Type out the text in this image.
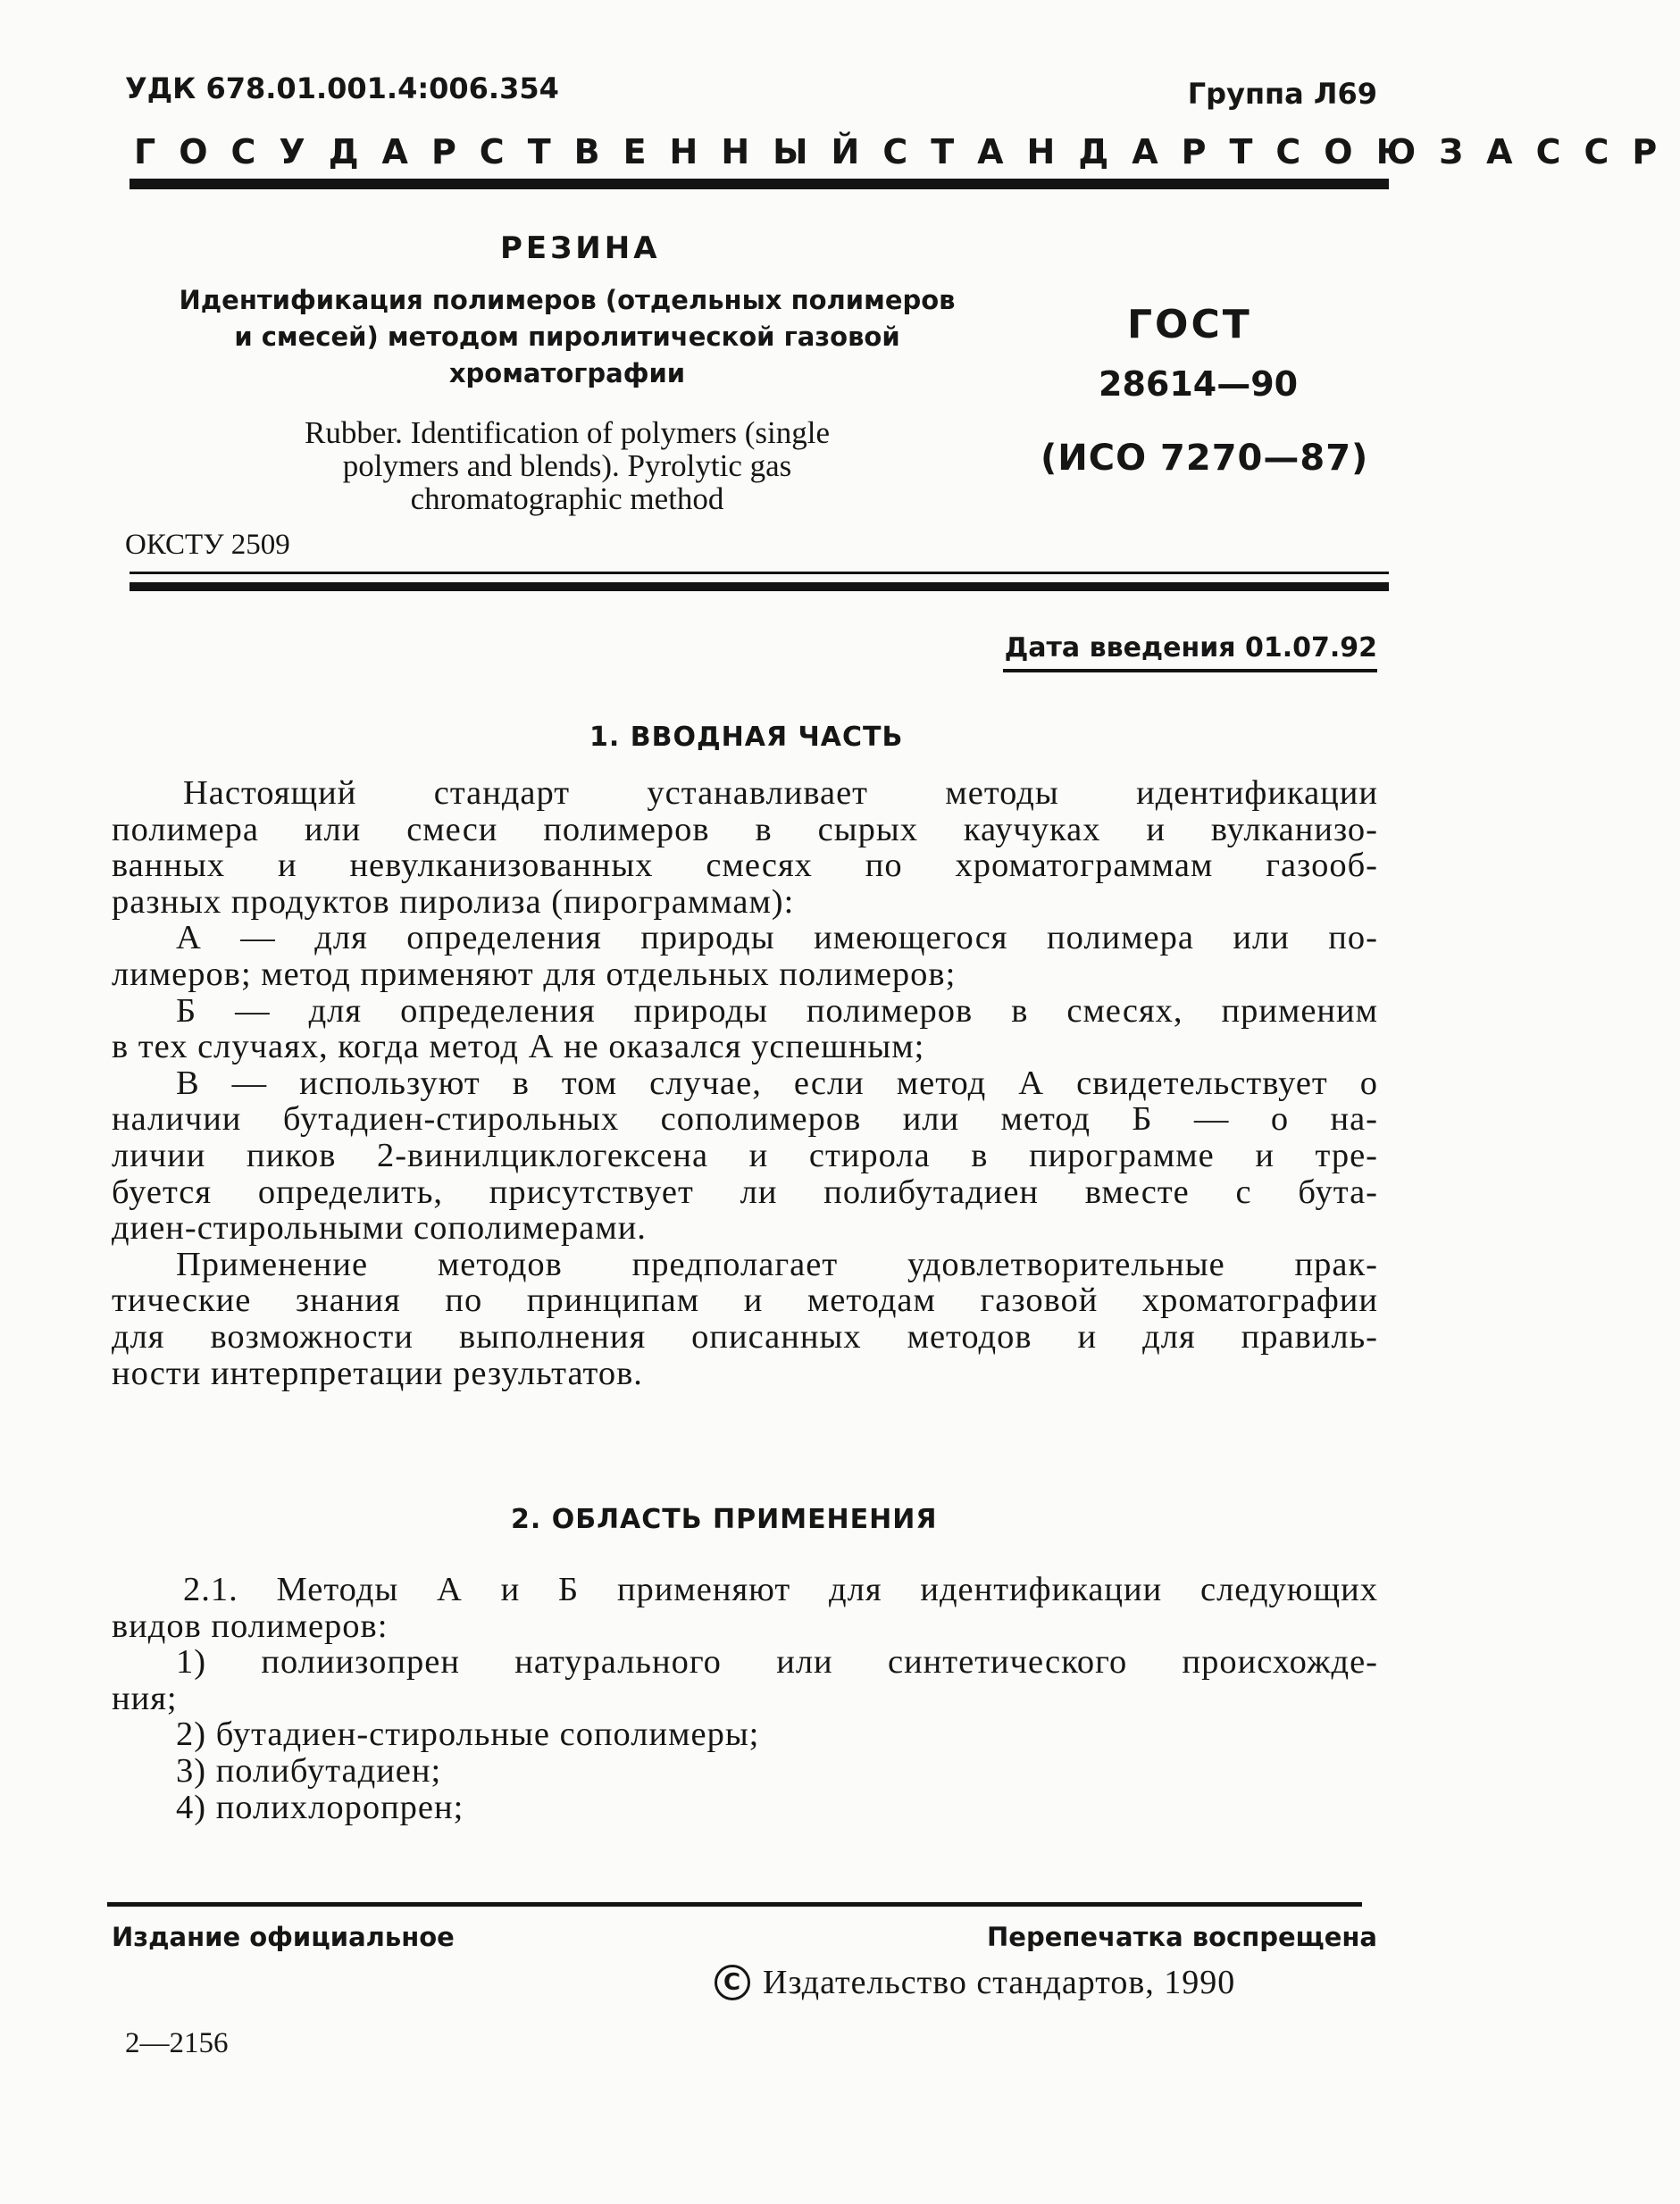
УДК 678.01.001.4:006.354	Группа Л69
ГОСУДАРСТВЕННЫЙ СТАНДАРТ СОЮЗА ССР
РЕЗИНА
Идентификация полимеров (отдельных полимеров
и смесей) методом пиролитической газовой
хроматографии
Rubber. Identification of polymers (single
polymers and blends). Pyrolytic gas
chromatographic method
ОКСТУ 2509
ГОСТ
28614—90
(ИСО 7270—87)
Дата введения 01.07.92
1. ВВОДНАЯ ЧАСТЬ
Настоящий стандарт устанавливает методы идентификации
полимера или смеси полимеров в сырых каучуках и вулканизо-
ванных и невулканизованных смесях по хроматограммам газооб-
разных продуктов пиролиза (пирограммам):
А — для определения природы имеющегося полимера или по-
лимеров; метод применяют для отдельных полимеров;
Б — для определения природы полимеров в смесях, применим
в тех случаях, когда метод А не оказался успешным;
В — используют в том случае, если метод А свидетельствует о
наличии бутадиен-стирольных сополимеров или метод Б — о на-
личии пиков 2-винилциклогексена и стирола в пирограмме и тре-
буется определить, присутствует ли полибутадиен вместе с бута-
диен-стирольными сополимерами.
Применение методов предполагает удовлетворительные прак-
тические знания по принципам и методам газовой хроматографии
для возможности выполнения описанных методов и для правиль-
ности интерпретации результатов.
2. ОБЛАСТЬ ПРИМЕНЕНИЯ
2.1. Методы А и Б применяют для идентификации следующих
видов полимеров:
1) полиизопрен натурального или синтетического происхожде-
ния;
2) бутадиен-стирольные сополимеры;
3) полибутадиен;
4) полихлоропрен;
Издание официальное	Перепечатка воспрещена
С Издательство стандартов, 1990
2—2156
